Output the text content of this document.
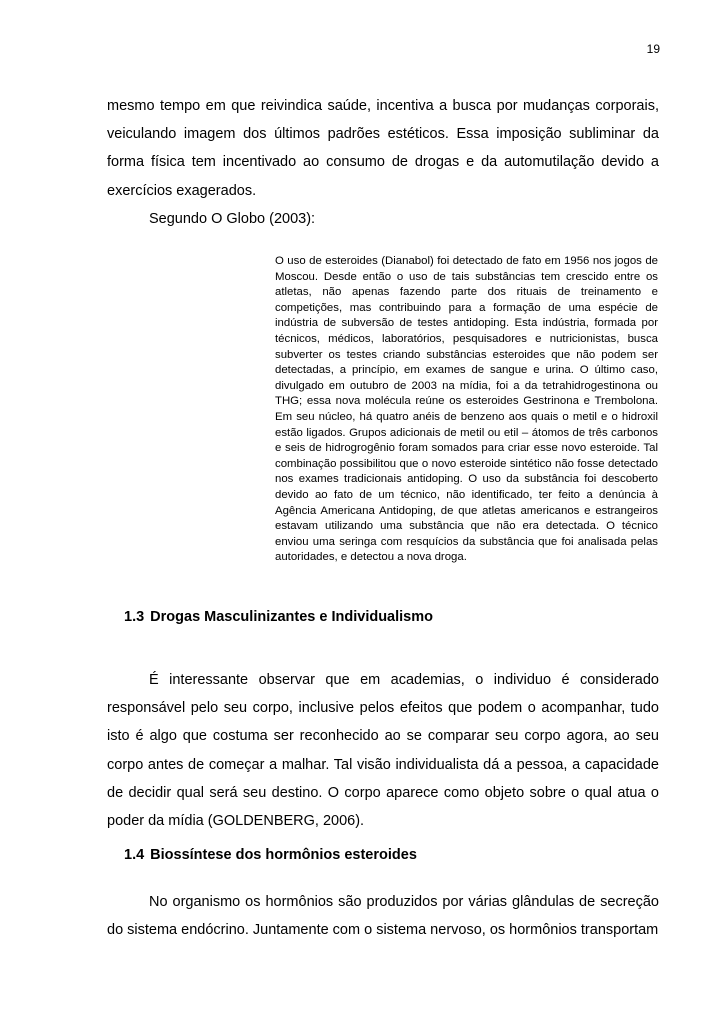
19

mesmo tempo em que reivindica saúde, incentiva a busca por mudanças corporais, veiculando imagem dos últimos padrões estéticos. Essa imposição subliminar da forma física tem incentivado ao consumo de drogas e da automutilação devido a exercícios exagerados.

Segundo O Globo (2003):

O uso de esteroides (Dianabol) foi detectado de fato em 1956 nos jogos de Moscou. Desde então o uso de tais substâncias tem crescido entre os atletas, não apenas fazendo parte dos rituais de treinamento e competições, mas contribuindo para a formação de uma espécie de indústria de subversão de testes antidoping. Esta indústria, formada por técnicos, médicos, laboratórios, pesquisadores e nutricionistas, busca subverter os testes criando substâncias esteroides que não podem ser detectadas, a princípio, em exames de sangue e urina. O último caso, divulgado em outubro de 2003 na mídia, foi a da tetrahidrogestinona ou THG; essa nova molécula reúne os esteroides Gestrinona e Trembolona. Em seu núcleo, há quatro anéis de benzeno aos quais o metil e o hidroxil estão ligados. Grupos adicionais de metil ou etil – átomos de três carbonos e seis de hidrogrogênio foram somados para criar esse novo esteroide. Tal combinação possibilitou que o novo esteroide sintético não fosse detectado nos exames tradicionais antidoping. O uso da substância foi descoberto devido ao fato de um técnico, não identificado, ter feito a denúncia à Agência Americana Antidoping, de que atletas americanos e estrangeiros estavam utilizando uma substância que não era detectada. O técnico enviou uma seringa com resquícios da substância que foi analisada pelas autoridades, e detectou a nova droga.

1.3 Drogas Masculinizantes e Individualismo

É interessante observar que em academias, o individuo é considerado responsável pelo seu corpo, inclusive pelos efeitos que podem o acompanhar, tudo isto é algo que costuma ser reconhecido ao se comparar seu corpo agora, ao seu corpo antes de começar a malhar. Tal visão individualista dá a pessoa, a capacidade de decidir qual será seu destino. O corpo aparece como objeto sobre o qual atua o poder da mídia (GOLDENBERG, 2006).

1.4 Biossíntese dos hormônios esteroides

No organismo os hormônios são produzidos por várias glândulas de secreção do sistema endócrino. Juntamente com o sistema nervoso, os hormônios transportam
